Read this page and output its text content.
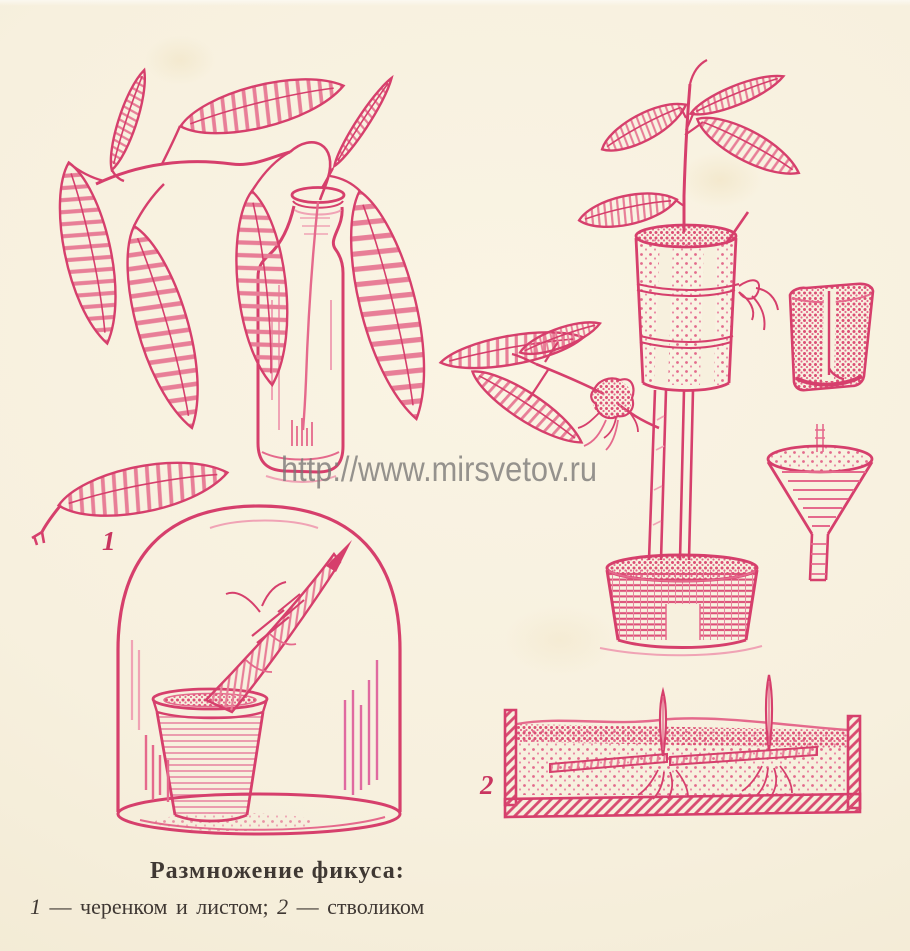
http://www.mirsvetov.ru
1
2
Размножение фикуса:
1 — черенком и листом; 2 — стволиком
